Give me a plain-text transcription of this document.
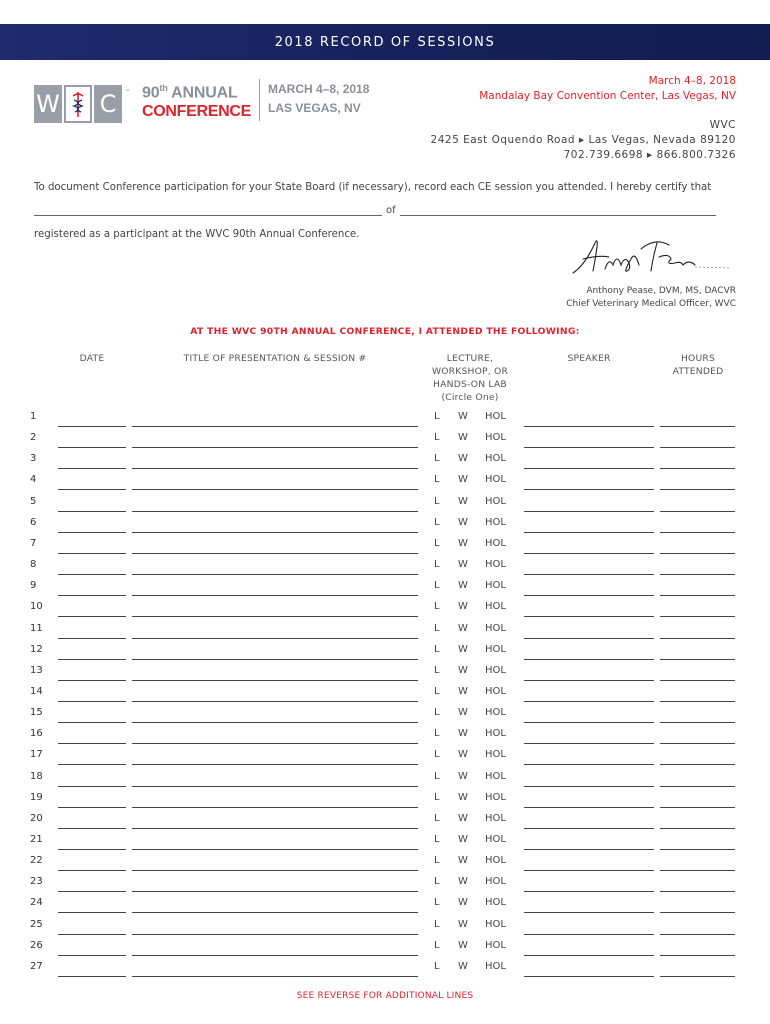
2018 RECORD OF SESSIONS
W C	™ 90th ANNUAL
CONFERENCE
MARCH 4–8, 2018
LAS VEGAS, NV
March 4–8, 2018
Mandalay Bay Convention Center, Las Vegas, NV
WVC
2425 East Oquendo Road ▸ Las Vegas, Nevada 89120
702.739.6698 ▸ 866.800.7326
To document Conference participation for your State Board (if necessary), record each CE session you attended. I hereby certify that
of
registered as a participant at the WVC 90th Annual Conference.
Anthony Pease, DVM, MS, DACVR
Chief Veterinary Medical Officer, WVC
AT THE WVC 90TH ANNUAL CONFERENCE, I ATTENDED THE FOLLOWING:
DATE	TITLE OF PRESENTATION & SESSION #	LECTURE,
WORKSHOP, OR
HANDS-ON LAB
(Circle One)
SPEAKER	HOURS
ATTENDED
1	L W HOL
2	L W HOL
3	L W HOL
4	L W HOL
5	L W HOL
6	L W HOL
7	L W HOL
8	L W HOL
9	L W HOL
10	L W HOL
11	L W HOL
12	L W HOL
13	L W HOL
14	L W HOL
15	L W HOL
16	L W HOL
17	L W HOL
18	L W HOL
19	L W HOL
20	L W HOL
21	L W HOL
22	L W HOL
23	L W HOL
24	L W HOL
25	L W HOL
26	L W HOL
27	L W HOL
SEE REVERSE FOR ADDITIONAL LINES
